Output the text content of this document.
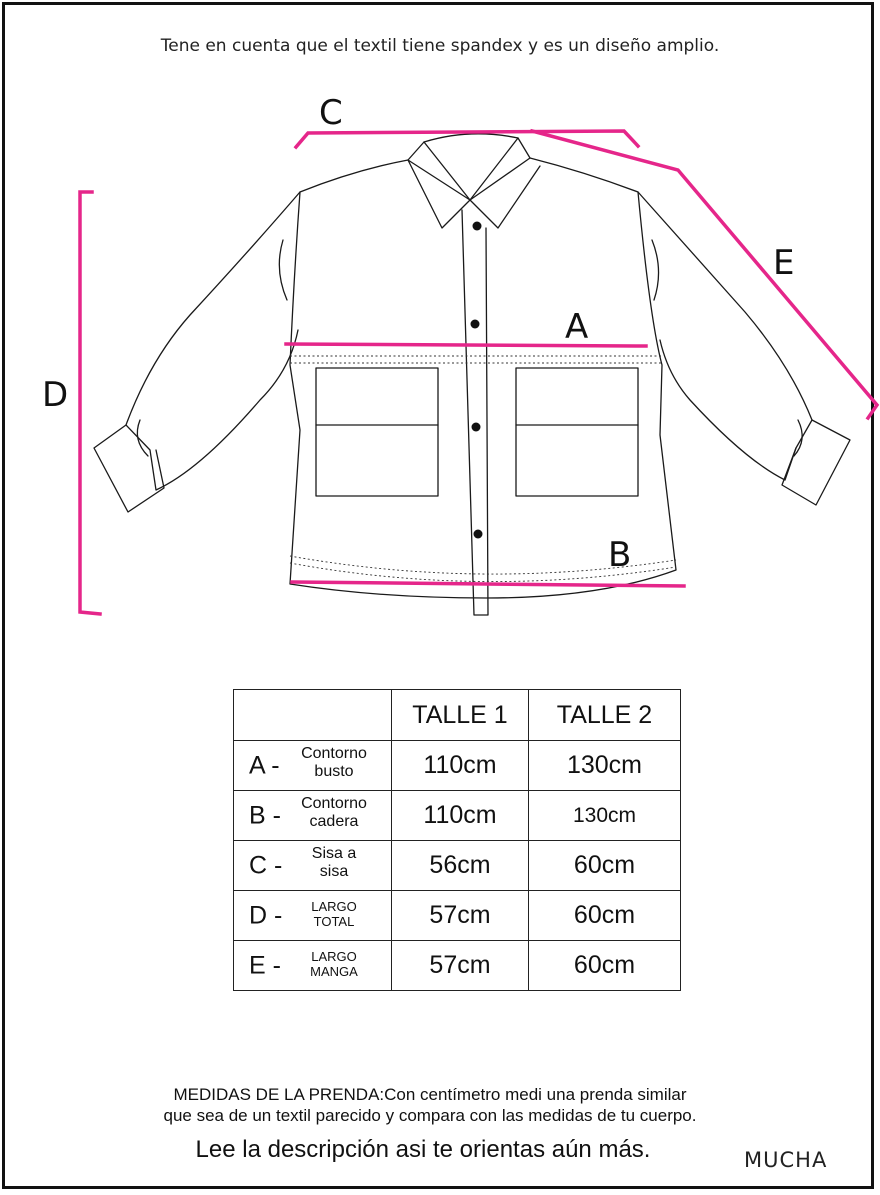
Tene en cuenta que el textil tiene spandex y es un diseño amplio.
C
E
A
D
B
	TALLE 1	TALLE 2

A - Contorno busto	110cm	130cm

B - Contorno cadera	110cm	130cm

C - Sisa a sisa	56cm	60cm

D - LARGO TOTAL	57cm	60cm

E - LARGO MANGA	57cm	60cm
MEDIDAS DE LA PRENDA:Con centímetro medi una prenda similar
que sea de un textil parecido y compara con las medidas de tu cuerpo.
Lee la descripción asi te orientas aún más.	MUCHA
